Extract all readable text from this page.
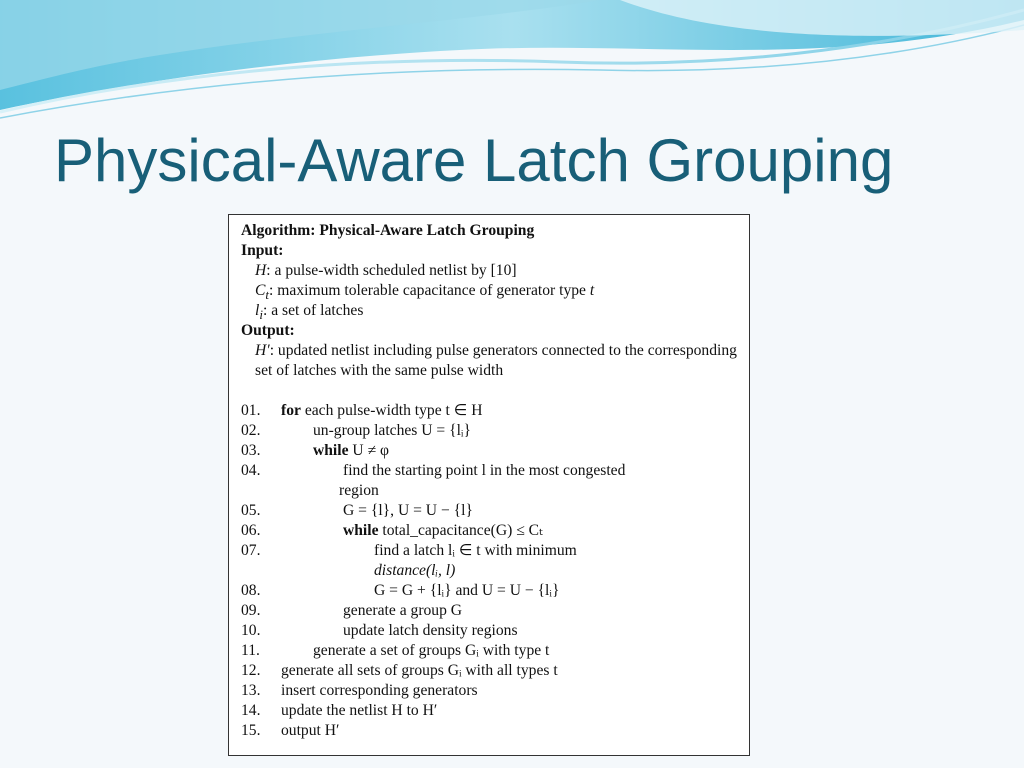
Physical-Aware Latch Grouping
Algorithm: Physical-Aware Latch Grouping
Input:
H: a pulse-width scheduled netlist by [10]
$C_t$: maximum tolerable capacitance of generator type t
$l_i$: a set of latches
Output:
H′: updated netlist including pulse generators connected to the corresponding set of latches with the same pulse width
01.	for each pulse-width type t ∈ H
02.	un-group latches U = {lᵢ}
03.	while U ≠ φ
04.	find the starting point l in the most congested
region
05.	G = {l}, U = U − {l}
06.	while total_capacitance(G) ≤ Cₜ
07.	find a latch lᵢ ∈ t with minimum
distance(lᵢ, l)
08.	G = G + {lᵢ} and U = U − {lᵢ}
09.	generate a group G
10.	update latch density regions
11.	generate a set of groups Gᵢ with type t
12.	generate all sets of groups Gᵢ with all types t
13.	insert corresponding generators
14.	update the netlist H to H′
15.	output H′
